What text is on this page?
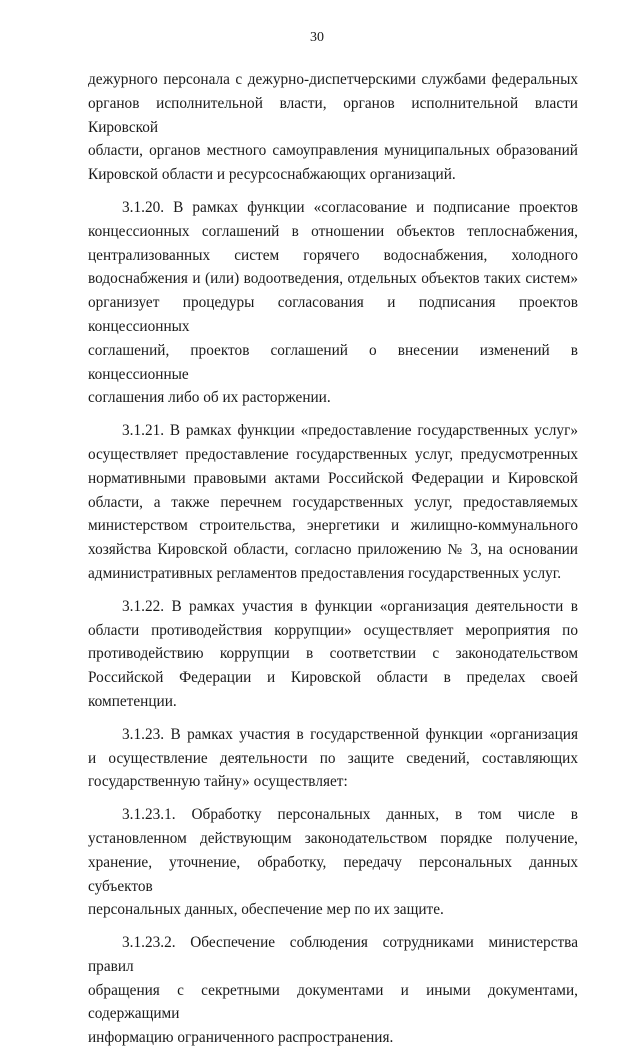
30

дежурного персонала с дежурно-диспетчерскими службами федеральных

органов исполнительной власти, органов исполнительной власти Кировской

области, органов местного самоуправления муниципальных образований

Кировской области и ресурсоснабжающих организаций.

3.1.20. В рамках функции «согласование и подписание проектов

концессионных соглашений в отношении объектов теплоснабжения,

централизованных систем горячего водоснабжения, холодного

водоснабжения и (или) водоотведения, отдельных объектов таких систем»

организует процедуры согласования и подписания проектов концессионных

соглашений, проектов соглашений о внесении изменений в концессионные

соглашения либо об их расторжении.

3.1.21. В рамках функции «предоставление государственных услуг»

осуществляет предоставление государственных услуг, предусмотренных

нормативными правовыми актами Российской Федерации и Кировской

области, а также перечнем государственных услуг, предоставляемых

министерством строительства, энергетики и жилищно-коммунального

хозяйства Кировской области, согласно приложению № 3, на основании

административных регламентов предоставления государственных услуг.

3.1.22. В рамках участия в функции «организация деятельности в

области противодействия коррупции» осуществляет мероприятия по

противодействию коррупции в соответствии с законодательством

Российской Федерации и Кировской области в пределах своей компетенции.

3.1.23. В рамках участия в государственной функции «организация

и осуществление деятельности по защите сведений, составляющих

государственную тайну» осуществляет:

3.1.23.1. Обработку персональных данных, в том числе в

установленном действующим законодательством порядке получение,

хранение, уточнение, обработку, передачу персональных данных субъектов

персональных данных, обеспечение мер по их защите.

3.1.23.2. Обеспечение соблюдения сотрудниками министерства правил

обращения с секретными документами и иными документами, содержащими

информацию ограниченного распространения.
